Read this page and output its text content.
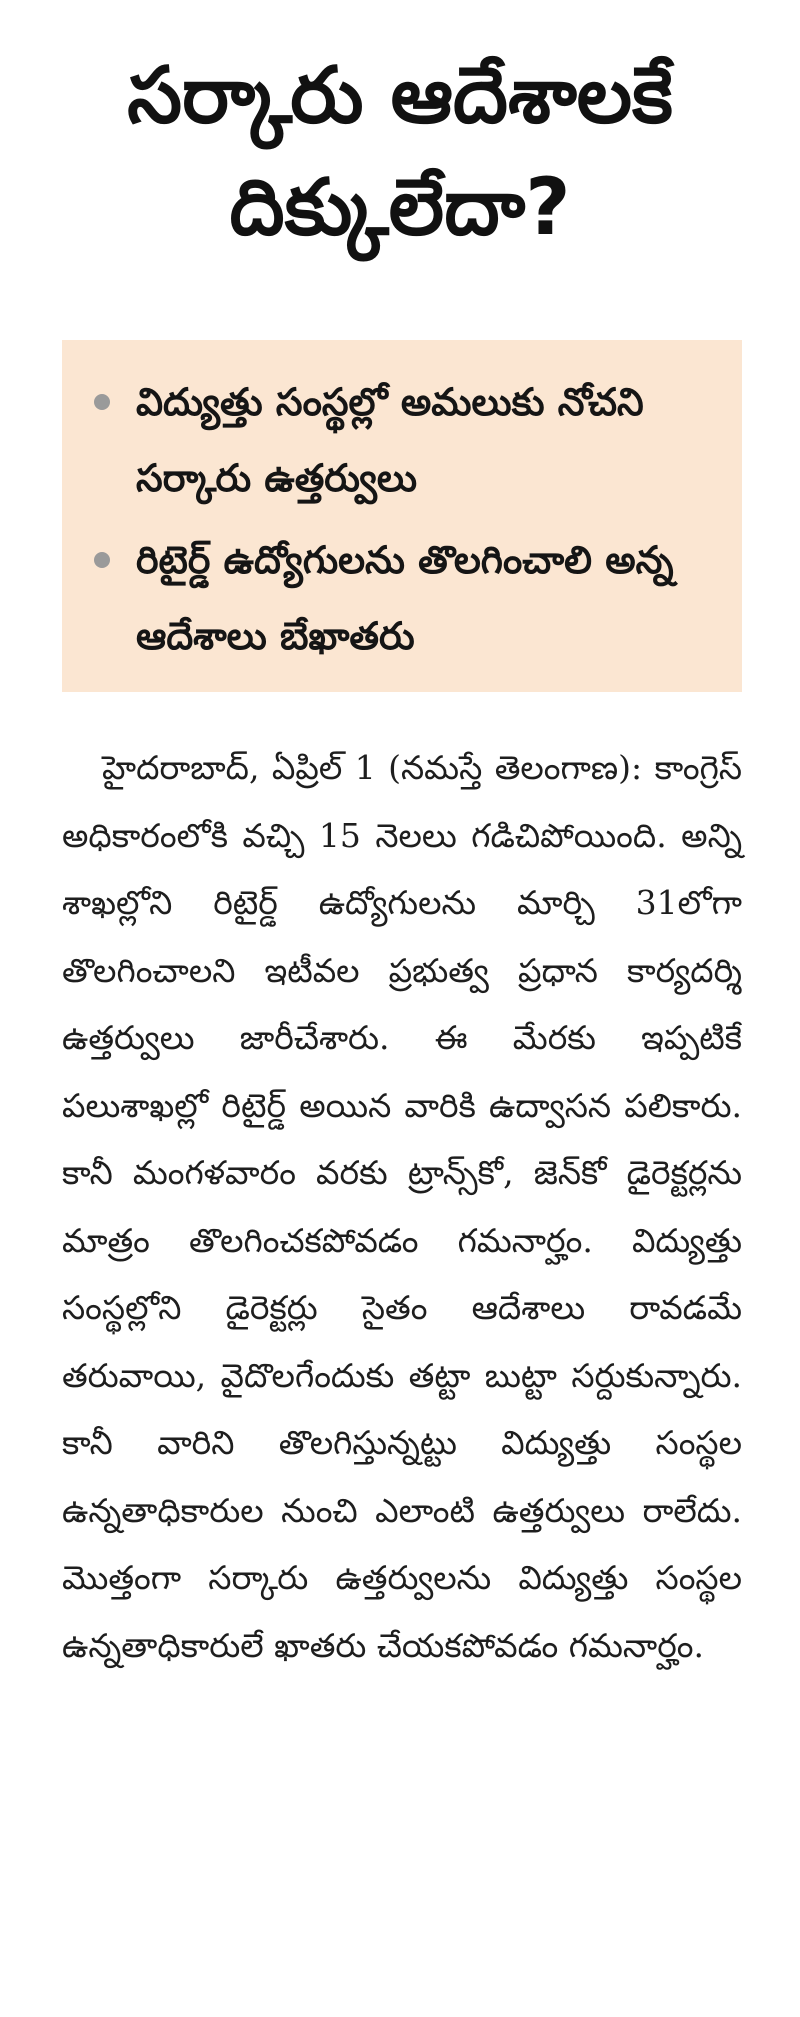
సర్కారు ఆదేశాలకే దిక్కులేదా?
విద్యుత్తు సంస్థల్లో అమలుకు నోచని సర్కారు ఉత్తర్వులు
రిటైర్డ్ ఉద్యోగులను తొలగించాలి అన్న ఆదేశాలు బేఖాతరు

హైదరాబాద్, ఏప్రిల్ 1 (నమస్తే తెలంగాణ): కాంగ్రెస్ అధికారంలోకి వచ్చి 15 నెలలు గడిచిపోయింది. అన్ని శాఖల్లోని రిటైర్డ్ ఉద్యోగులను మార్చి 31లోగా తొలగించాలని ఇటీవల ప్రభుత్వ ప్రధాన కార్యదర్శి ఉత్తర్వులు జారీచేశారు. ఈ మేరకు ఇప్పటికే పలుశాఖల్లో రిటైర్డ్ అయిన వారికి ఉద్వాసన పలికారు. కానీ మంగళవారం వరకు ట్రాన్స్‌కో, జెన్‌కో డైరెక్టర్లను మాత్రం తొలగించకపోవడం గమనార్హం. విద్యుత్తు సంస్థల్లోని డైరెక్టర్లు సైతం ఆదేశాలు రావడమే తరువాయి, వైదొలగేందుకు తట్టా బుట్టా సర్దుకున్నారు. కానీ వారిని తొలగిస్తున్నట్టు విద్యుత్తు సంస్థల ఉన్నతాధికారుల నుంచి ఎలాంటి ఉత్తర్వులు రాలేదు. మొత్తంగా సర్కారు ఉత్తర్వులను విద్యుత్తు సంస్థల ఉన్నతాధికారులే ఖాతరు చేయకపోవడం గమనార్హం.
